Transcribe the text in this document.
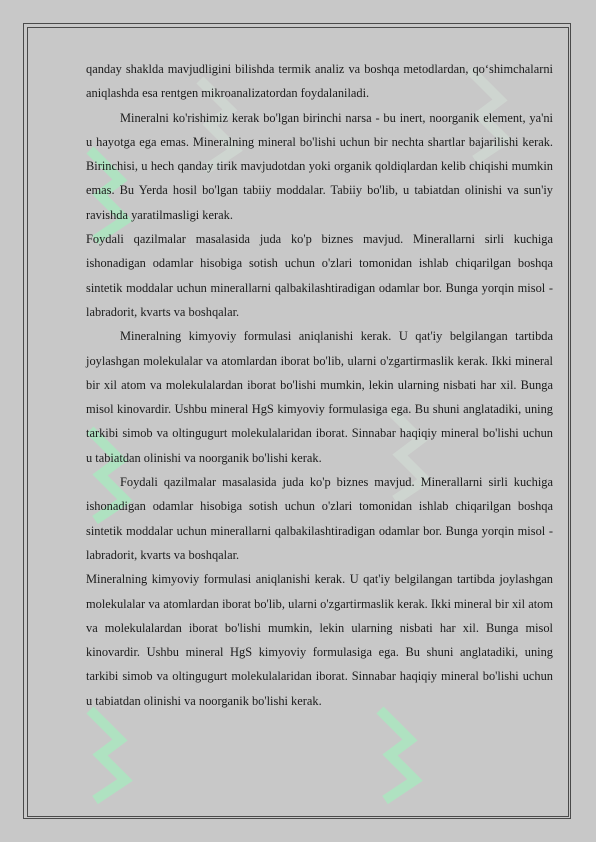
qanday shaklda mavjudligini bilishda termik analiz va boshqa metodlardan, qo‘shimchalarni aniqlashda esa rentgen mikroanalizatordan foydalaniladi.

Mineralni ko'rishimiz kerak bo'lgan birinchi narsa - bu inert, noorganik element, ya'ni u hayotga ega emas. Mineralning mineral bo'lishi uchun bir nechta shartlar bajarilishi kerak. Birinchisi, u hech qanday tirik mavjudotdan yoki organik qoldiqlardan kelib chiqishi mumkin emas. Bu Yerda hosil bo'lgan tabiiy moddalar. Tabiiy bo'lib, u tabiatdan olinishi va sun'iy ravishda yaratilmasligi kerak.

Foydali qazilmalar masalasida juda ko'p biznes mavjud. Minerallarni sirli kuchiga ishonadigan odamlar hisobiga sotish uchun o'zlari tomonidan ishlab chiqarilgan boshqa sintetik moddalar uchun minerallarni qalbakilashtiradigan odamlar bor. Bunga yorqin misol - labradorit, kvarts va boshqalar.

Mineralning kimyoviy formulasi aniqlanishi kerak. U qat'iy belgilangan tartibda joylashgan molekulalar va atomlardan iborat bo'lib, ularni o'zgartirmaslik kerak. Ikki mineral bir xil atom va molekulalardan iborat bo'lishi mumkin, lekin ularning nisbati har xil. Bunga misol kinovardir. Ushbu mineral HgS kimyoviy formulasiga ega. Bu shuni anglatadiki, uning tarkibi simob va oltingugurt molekulalaridan iborat. Sinnabar haqiqiy mineral bo'lishi uchun u tabiatdan olinishi va noorganik bo'lishi kerak.

Foydali qazilmalar masalasida juda ko'p biznes mavjud. Minerallarni sirli kuchiga ishonadigan odamlar hisobiga sotish uchun o'zlari tomonidan ishlab chiqarilgan boshqa sintetik moddalar uchun minerallarni qalbakilashtiradigan odamlar bor. Bunga yorqin misol - labradorit, kvarts va boshqalar.

Mineralning kimyoviy formulasi aniqlanishi kerak. U qat'iy belgilangan tartibda joylashgan molekulalar va atomlardan iborat bo'lib, ularni o'zgartirmaslik kerak. Ikki mineral bir xil atom va molekulalardan iborat bo'lishi mumkin, lekin ularning nisbati har xil. Bunga misol kinovardir. Ushbu mineral HgS kimyoviy formulasiga ega. Bu shuni anglatadiki, uning tarkibi simob va oltingugurt molekulalaridan iborat. Sinnabar haqiqiy mineral bo'lishi uchun u tabiatdan olinishi va noorganik bo'lishi kerak.
